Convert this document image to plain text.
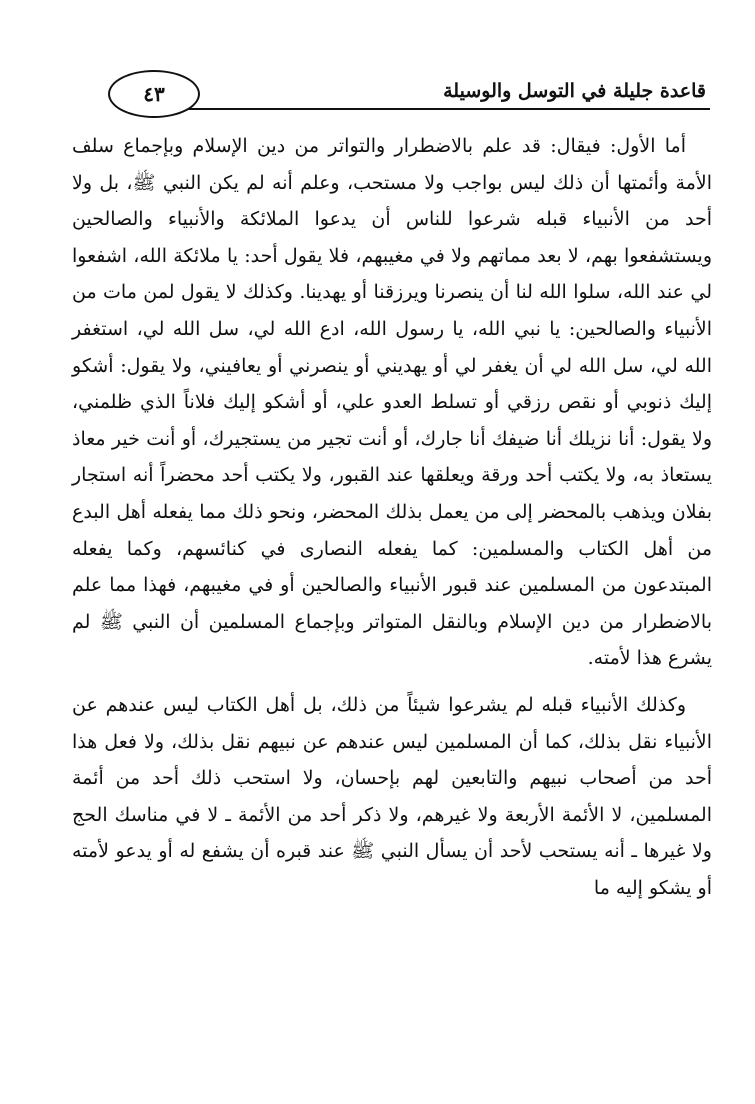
٤٣	قاعدة جليلة في التوسل والوسيلة

أما الأول: فيقال: قد علم بالاضطرار والتواتر من دين الإسلام وبإجماع سلف الأمة وأئمتها أن ذلك ليس بواجب ولا مستحب، وعلم أنه لم يكن النبي ﷺ، بل ولا أحد من الأنبياء قبله شرعوا للناس أن يدعوا الملائكة والأنبياء والصالحين ويستشفعوا بهم، لا بعد مماتهم ولا في مغيبهم، فلا يقول أحد: يا ملائكة الله، اشفعوا لي عند الله، سلوا الله لنا أن ينصرنا ويرزقنا أو يهدينا. وكذلك لا يقول لمن مات من الأنبياء والصالحين: يا نبي الله، يا رسول الله، ادع الله لي، سل الله لي، استغفر الله لي، سل الله لي أن يغفر لي أو يهديني أو ينصرني أو يعافيني، ولا يقول: أشكو إليك ذنوبي أو نقص رزقي أو تسلط العدو علي، أو أشكو إليك فلاناً الذي ظلمني، ولا يقول: أنا نزيلك أنا ضيفك أنا جارك، أو أنت تجير من يستجيرك، أو أنت خير معاذ يستعاذ به، ولا يكتب أحد ورقة ويعلقها عند القبور، ولا يكتب أحد محضراً أنه استجار بفلان ويذهب بالمحضر إلى من يعمل بذلك المحضر، ونحو ذلك مما يفعله أهل البدع من أهل الكتاب والمسلمين: كما يفعله النصارى في كنائسهم، وكما يفعله المبتدعون من المسلمين عند قبور الأنبياء والصالحين أو في مغيبهم، فهذا مما علم بالاضطرار من دين الإسلام وبالنقل المتواتر وبإجماع المسلمين أن النبي ﷺ لم يشرع هذا لأمته.

وكذلك الأنبياء قبله لم يشرعوا شيئاً من ذلك، بل أهل الكتاب ليس عندهم عن الأنبياء نقل بذلك، كما أن المسلمين ليس عندهم عن نبيهم نقل بذلك، ولا فعل هذا أحد من أصحاب نبيهم والتابعين لهم بإحسان، ولا استحب ذلك أحد من أئمة المسلمين، لا الأئمة الأربعة ولا غيرهم، ولا ذكر أحد من الأئمة ـ لا في مناسك الحج ولا غيرها ـ أنه يستحب لأحد أن يسأل النبي ﷺ عند قبره أن يشفع له أو يدعو لأمته أو يشكو إليه ما
